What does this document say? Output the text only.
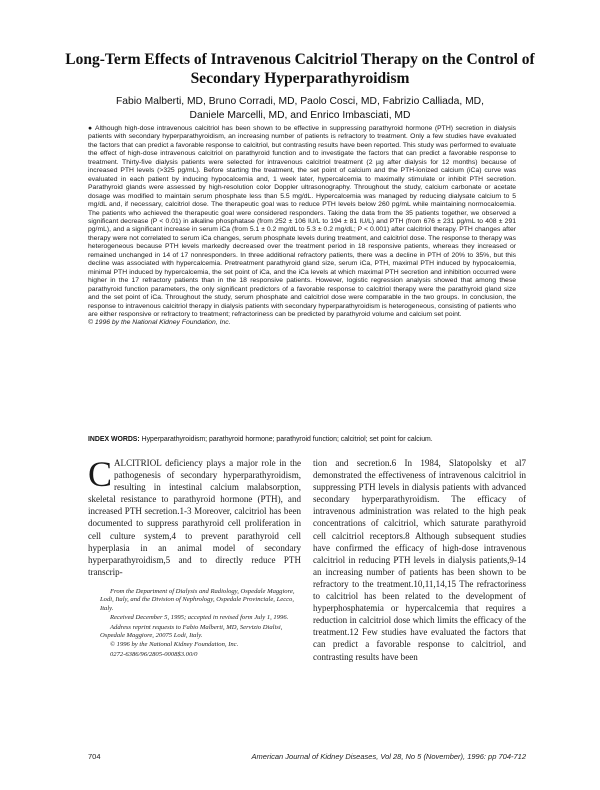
Long-Term Effects of Intravenous Calcitriol Therapy on the Control of Secondary Hyperparathyroidism
Fabio Malberti, MD, Bruno Corradi, MD, Paolo Cosci, MD, Fabrizio Calliada, MD,
Daniele Marcelli, MD, and Enrico Imbasciati, MD
● Although high-dose intravenous calcitriol has been shown to be effective in suppressing parathyroid hormone (PTH) secretion in dialysis patients with secondary hyperparathyroidism, an increasing number of patients is refractory to treatment. Only a few studies have evaluated the factors that can predict a favorable response to calcitriol, but contrasting results have been reported. This study was performed to evaluate the effect of high-dose intravenous calcitriol on parathyroid function and to investigate the factors that can predict a favorable response to treatment. Thirty-five dialysis patients were selected for intravenous calcitriol treatment (2 µg after dialysis for 12 months) because of increased PTH levels (>325 pg/mL). Before starting the treatment, the set point of calcium and the PTH-ionized calcium (iCa) curve was evaluated in each patient by inducing hypocalcemia and, 1 week later, hypercalcemia to maximally stimulate or inhibit PTH secretion. Parathyroid glands were assessed by high-resolution color Doppler ultrasonography. Throughout the study, calcium carbonate or acetate dosage was modified to maintain serum phosphate less than 5.5 mg/dL. Hypercalcemia was managed by reducing dialysate calcium to 5 mg/dL and, if necessary, calcitriol dose. The therapeutic goal was to reduce PTH levels below 260 pg/mL while maintaining normocalcemia. The patients who achieved the therapeutic goal were considered responders. Taking the data from the 35 patients together, we observed a significant decrease (P < 0.01) in alkaline phosphatase (from 252 ± 106 IU/L to 194 ± 81 IU/L) and PTH (from 676 ± 231 pg/mL to 408 ± 291 pg/mL), and a significant increase in serum iCa (from 5.1 ± 0.2 mg/dL to 5.3 ± 0.2 mg/dL; P < 0.001) after calcitriol therapy. PTH changes after therapy were not correlated to serum iCa changes, serum phosphate levels during treatment, and calcitriol dose. The response to therapy was heterogeneous because PTH levels markedly decreased over the treatment period in 18 responsive patients, whereas they increased or remained unchanged in 14 of 17 nonresponders. In three additional refractory patients, there was a decline in PTH of 20% to 35%, but this decline was associated with hypercalcemia. Pretreatment parathyroid gland size, serum iCa, PTH, maximal PTH induced by hypocalcemia, minimal PTH induced by hypercalcemia, the set point of iCa, and the iCa levels at which maximal PTH secretion and inhibition occurred were higher in the 17 refractory patients than in the 18 responsive patients. However, logistic regression analysis showed that among these parathyroid function parameters, the only significant predictors of a favorable response to calcitriol therapy were the parathyroid gland size and the set point of iCa. Throughout the study, serum phosphate and calcitriol dose were comparable in the two groups. In conclusion, the response to intravenous calcitriol therapy in dialysis patients with secondary hyperparathyroidism is heterogeneous, consisting of patients who are either responsive or refractory to treatment; refractoriness can be predicted by parathyroid volume and calcium set point.
© 1996 by the National Kidney Foundation, Inc.
INDEX WORDS: Hyperparathyroidism; parathyroid hormone; parathyroid function; calcitriol; set point for calcium.

CALCITRIOL deficiency plays a major role in the pathogenesis of secondary hyperparathyroidism, resulting in intestinal calcium malabsorption, skeletal resistance to parathyroid hormone (PTH), and increased PTH secretion.1-3 Moreover, calcitriol has been documented to suppress parathyroid cell proliferation in cell culture system,4 to prevent parathyroid cell hyperplasia in an animal model of secondary hyperparathyroidism,5 and to directly reduce PTH transcrip-

From the Department of Dialysis and Radiology, Ospedale Maggiore, Lodi, Italy, and the Division of Nephrology, Ospedale Provinciale, Lecco, Italy.

Received December 5, 1995; accepted in revised form July 1, 1996.

Address reprint requests to Fabio Malberti, MD, Servizio Dialisi, Ospedale Maggiore, 20075 Lodi, Italy.

© 1996 by the National Kidney Foundation, Inc.

0272-6386/96/2805-0008$3.00/0

tion and secretion.6 In 1984, Slatopolsky et al7 demonstrated the effectiveness of intravenous calcitriol in suppressing PTH levels in dialysis patients with advanced secondary hyperparathyroidism. The efficacy of intravenous administration was related to the high peak concentrations of calcitriol, which saturate parathyroid cell calcitriol receptors.8 Although subsequent studies have confirmed the efficacy of high-dose intravenous calcitriol in reducing PTH levels in dialysis patients,9-14 an increasing number of patients has been shown to be refractory to the treatment.10,11,14,15 The refractoriness to calcitriol has been related to the development of hyperphosphatemia or hypercalcemia that requires a reduction in calcitriol dose which limits the efficacy of the treatment.12 Few studies have evaluated the factors that can predict a favorable response to calcitriol, and contrasting results have been

704	American Journal of Kidney Diseases, Vol 28, No 5 (November), 1996: pp 704-712
